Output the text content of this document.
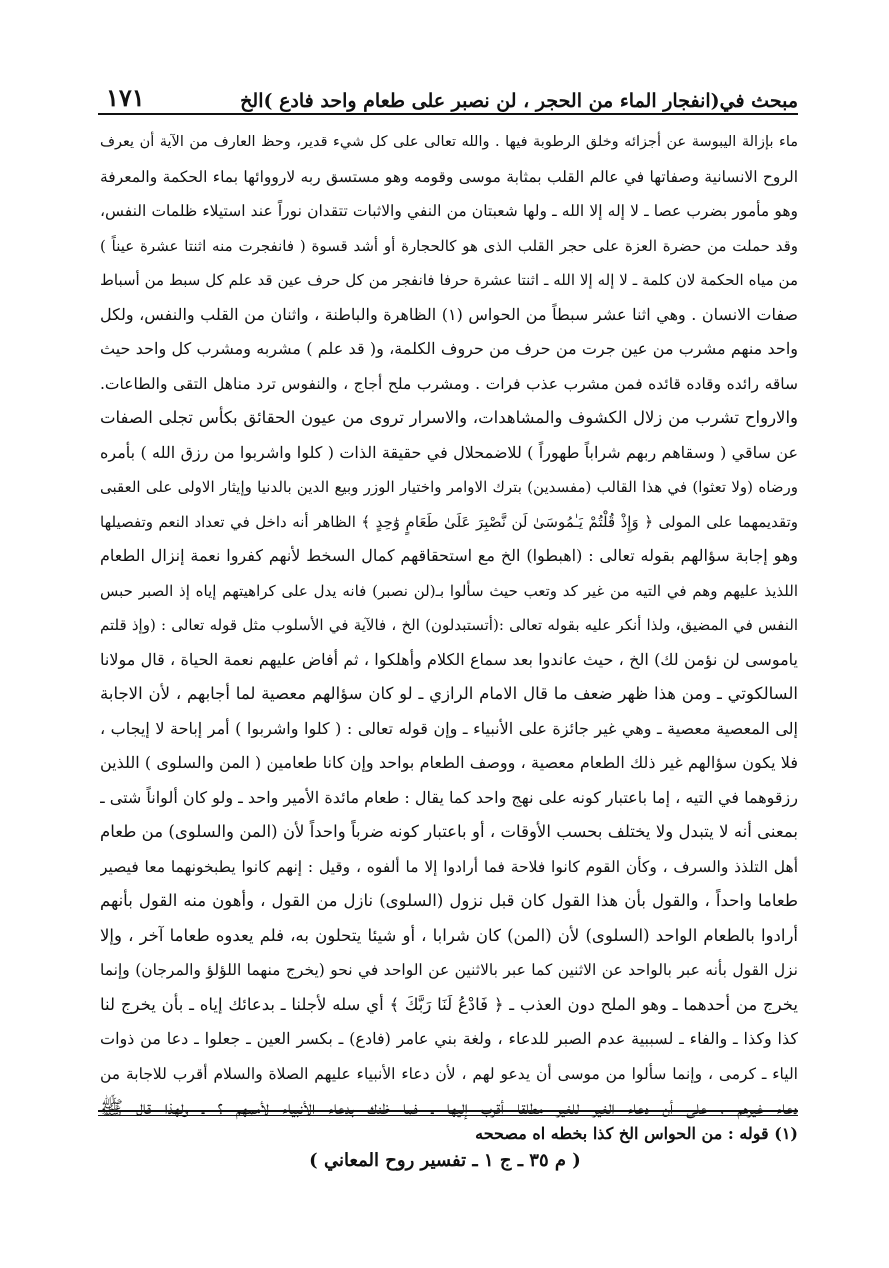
مبحث في(انفجار الماء من الحجر ، لن نصبر على طعام واحد فادع )الخ
١٧١
ماء بإزالة اليبوسة عن أجزائه وخلق الرطوبة فيها . والله تعالى على كل شيء قدير، وحظ العارف من الآية أن يعرف
الروح الانسانية وصفاتها في عالم القلب بمثابة موسى وقومه وهو مستسق ربه لارووائها بماء الحكمة والمعرفة
وهو مأمور بضرب عصا ـ لا إله إلا الله ـ ولها شعبتان من النفي والاثبات تتقدان نوراً عند استيلاء ظلمات النفس،
وقد حملت من حضرة العزة على حجر القلب الذى هو كالحجارة أو أشد قسوة ( فانفجرت منه اثنتا عشرة عيناً )
من مياه الحكمة لان كلمة ـ لا إله إلا الله ـ اثنتا عشرة حرفا فانفجر من كل حرف عين قد علم كل سبط من أسباط
صفات الانسان . وهي اثنا عشر سبطاً من الحواس (١) الظاهرة والباطنة ، واثنان من القلب والنفس، ولكل
واحد منهم مشرب من عين جرت من حرف من حروف الكلمة، و( قد علم ) مشربه ومشرب كل واحد حيث
ساقه رائده وقاده قائده فمن مشرب عذب فرات . ومشرب ملح أجاج ، والنفوس ترد مناهل التقى والطاعات.
والارواح تشرب من زلال الكشوف والمشاهدات، والاسرار تروى من عيون الحقائق بكأس تجلى الصفات
عن ساقي ( وسقاهم ربهم شراباً طهوراً ) للاضمحلال في حقيقة الذات ( كلوا واشربوا من رزق الله ) بأمره
ورضاه (ولا تعثوا) في هذا القالب (مفسدين) بترك الاوامر واختيار الوزر وبيع الدين بالدنيا وإيثار الاولى على العقبى
وتقديمهما على المولى ﴿ وَإِذْ قُلْتُمْ يَـٰمُوسَىٰ لَن نَّصْبِرَ عَلَىٰ طَعَامٍ وَٰحِدٍ ﴾ الظاهر أنه داخل في تعداد النعم وتفصيلها
وهو إجابة سؤالهم بقوله تعالى : (اهبطوا) الخ مع استحقاقهم كمال السخط لأنهم كفروا نعمة إنزال الطعام
اللذيذ عليهم وهم في التيه من غير كد وتعب حيث سألوا بـ(لن نصبر) فانه يدل على كراهيتهم إياه إذ الصبر حبس
النفس في المضيق، ولذا أنكر عليه بقوله تعالى :(أتستبدلون) الخ ، فالآية في الأسلوب مثل قوله تعالى : (وإذ قلتم
ياموسى لن نؤمن لك) الخ ، حيث عاندوا بعد سماع الكلام وأهلكوا ، ثم أفاض عليهم نعمة الحياة ، قال مولانا
السالكوتي ـ ومن هذا ظهر ضعف ما قال الامام الرازي ـ لو كان سؤالهم معصية لما أجابهم ، لأن الاجابة
إلى المعصية معصية ـ وهي غير جائزة على الأنبياء ـ وإن قوله تعالى : ( كلوا واشربوا ) أمر إباحة لا إيجاب ،
فلا يكون سؤالهم غير ذلك الطعام معصية ، ووصف الطعام بواحد وإن كانا طعامين ( المن والسلوى ) اللذين
رزقوهما في التيه ، إما باعتبار كونه على نهج واحد كما يقال : طعام مائدة الأمير واحد ـ ولو كان ألواناً شتى ـ
بمعنى أنه لا يتبدل ولا يختلف بحسب الأوقات ، أو باعتبار كونه ضرباً واحداً لأن (المن والسلوى) من طعام
أهل التلذذ والسرف ، وكأن القوم كانوا فلاحة فما أرادوا إلا ما ألفوه ، وقيل : إنهم كانوا يطبخونهما معا فيصير
طعاما واحداً ، والقول بأن هذا القول كان قبل نزول (السلوى) نازل من القول ، وأهون منه القول بأنهم
أرادوا بالطعام الواحد (السلوى) لأن (المن) كان شرابا ، أو شيئا يتحلون به، فلم يعدوه طعاما آخر ، وإلا
نزل القول بأنه عبر بالواحد عن الاثنين كما عبر بالاثنين عن الواحد في نحو (يخرج منهما اللؤلؤ والمرجان) وإنما
يخرج من أحدهما ـ وهو الملح دون العذب ـ ﴿ فَادْعُ لَنَا رَبَّكَ ﴾ أي سله لأجلنا ـ بدعائك إياه ـ بأن يخرج لنا
كذا وكذا ـ والفاء ـ لسببية عدم الصبر للدعاء ، ولغة بني عامر (فادع) ـ بكسر العين ـ جعلوا ـ دعا من ذوات
الياء ـ كرمى ، وإنما سألوا من موسى أن يدعو لهم ، لأن دعاء الأنبياء عليهم الصلاة والسلام أقرب للاجابة من
دعاء غيرهم ، على أن دعاء الغير للغير مطلقا أقرب إليها ـ فما ظنك بدعاء الأنبياء لأممهم ؟ ـ ولهذا قال ﷺ
(١) قوله : من الحواس الخ كذا بخطه اه مصححه
( م ٣٥ ـ ج ١ ـ تفسير روح المعاني )
